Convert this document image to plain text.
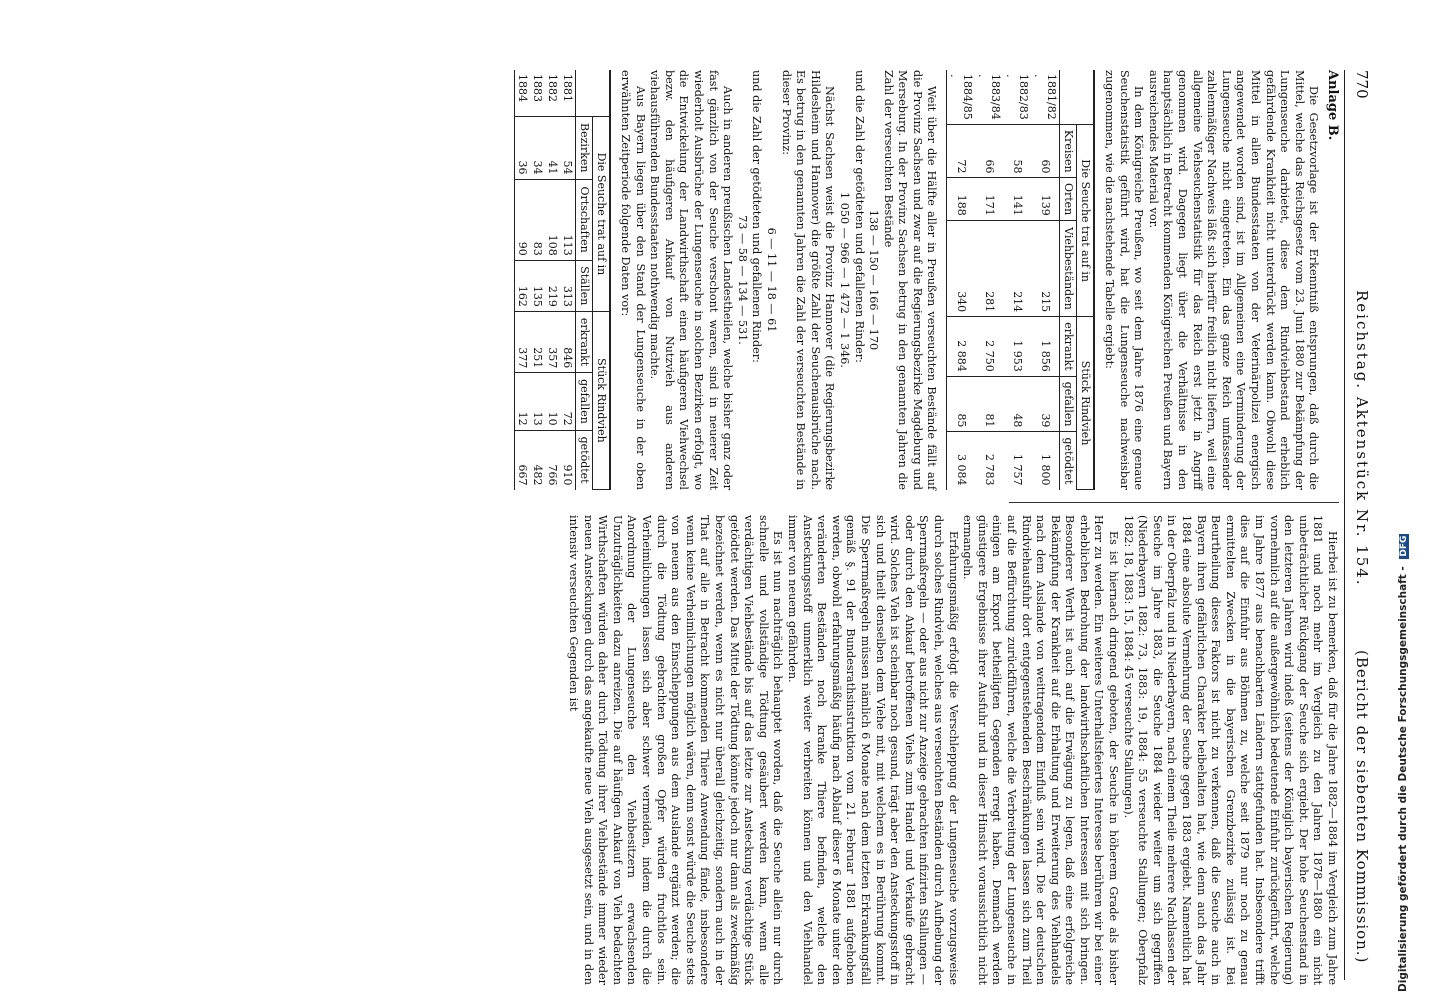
770
Reichstag. Aktenstück Nr. 154.
(Bericht der siebenten Kommission.)

Anlage B.

Die Gesetzvorlage ist der Erkenntniß entsprungen, daß durch die Mittel, welche das Reichsgesetz vom 23. Juni 1880 zur Bekämpfung der Lungenseuche darbietet, diese dem Rindviehbestand erheblich gefährdende Krankheit nicht unterdrückt werden kann. Obwohl diese Mittel in allen Bundesstaaten von der Veterinärpolizei energisch angewendet worden sind, ist im Allgemeinen eine Verminderung der Lungenseuche nicht eingetreten. Ein das ganze Reich umfassender zahlenmäßiger Nachweis läßt sich hierfür freilich nicht liefern, weil eine allgemeine Viehseuchenstatistik für das Reich erst jetzt in Angriff genommen wird. Dagegen liegt über die Verhältnisse in den hauptsächlich in Betracht kommenden Königreichen Preußen und Bayern ausreichendes Material vor.

In dem Königreiche Preußen, wo seit dem Jahre 1876 eine genaue Seuchenstatistik geführt wird, hat die Lungenseuche nachweisbar zugenommen, wie die nachstehende Tabelle ergiebt:

	Die Seuche trat auf in			Stück Rindvieh		
	Kreisen	Orten	Viehbeständen	erkrankt	gefallen	getödtet
1881/82 .	60	139	215	1 856	39	1 800
1882/83 .	58	141	214	1 953	48	1 757
1883/84 .	66	171	281	2 750	81	2 783
1884/85 .	72	188	340	2 884	85	3 084

Weit über die Hälfte aller in Preußen verseuchten Bestände fällt auf die Provinz Sachsen und zwar auf die Regierungsbezirke Magdeburg und Merseburg. In der Provinz Sachsen betrug in den genannten Jahren die Zahl der verseuchten Bestände

138 — 150 — 166 — 170

und die Zahl der getödteten und gefallenen Rinder:

1 050 — 966 — 1 472 — 1 346.

Nächst Sachsen weist die Provinz Hannover (die Regierungsbezirke Hildesheim und Hannover) die größte Zahl der Seuchenausbrüche nach. Es betrug in den genannten Jahren die Zahl der verseuchten Bestände in dieser Provinz:

6 — 11 — 18 — 61

und die Zahl der getödteten und gefallenen Rinder:

73 — 58 — 134 — 531.

Auch in anderen preußischen Landestheilen, welche bisher ganz oder fast gänzlich von der Seuche verschont waren, sind in neuerer Zeit wiederholt Ausbrüche der Lungenseuche in solchen Bezirken erfolgt, wo die Entwickelung der Landwirthschaft einen häufigeren Viehwechsel bezw. den häufigeren Ankauf von Nutzvieh aus anderen viehausführenden Bundesstaaten nothwendig machte.

Aus Bayern liegen über den Stand der Lungenseuche in der oben erwähnten Zeitperiode folgende Daten vor:

	Die Seuche trat auf in			Stück Rindvieh		
	Bezirken	Ortschaften	Ställen	erkrankt	gefallen	getödtet
1881	54	113	313	846	72	910
1882	41	108	219	357	10	766
1883	34	83	135	251	13	482
1884	36	90	162	377	12	667

Hierbei ist zu bemerken, daß für die Jahre 1882—1884 im Vergleich zum Jahre 1881 und noch mehr im Vergleich zu den Jahren 1878—1880 ein nicht unbeträchtlicher Rückgang der Seuche sich ergiebt. Der hohe Seuchenstand in den letzteren Jahren wird indeß (seitens der Königlich bayerischen Regierung) vornehmlich auf die außergewöhnlich bedeutende Einfuhr zurückgeführt, welche im Jahre 1877 aus benachbarten Ländern stattgefunden hat. Insbesondere trifft dies auf die Einfuhr aus Böhmen zu, welche seit 1879 nur noch zu genau ermittelten Zwecken in die bayerischen Grenzbezirke zulässig ist. Bei Beurtheilung dieses Faktors ist nicht zu verkennen, daß die Seuche auch in Bayern ihren gefährlichen Charakter beibehalten hat, wie denn auch das Jahr 1884 eine absolute Vermehrung der Seuche gegen 1883 ergiebt. Namentlich hat in der Oberpfalz und in Niederbayern, nach einem Theile mehrere Nachlassen der Seuche im Jahre 1883, die Seuche 1884 wieder weiter um sich gegriffen (Niederbayern 1882: 73, 1883: 19, 1884: 55 verseuchte Stallungen; Oberpfalz 1882: 18, 1883: 15, 1884: 45 verseuchte Stallungen).

Es ist hiernach dringend geboten, der Seuche in höherem Grade als bisher Herr zu werden. Ein weiteres Unterhaltsfeiertes Interesse berühren wir bei einer erheblichen Bedrohung der landwirthschaftlichen Interessen mit sich bringen. Besonderer Werth ist auch auf die Erwägung zu legen, daß eine erfolgreiche Bekämpfung der Krankheit auf die Erhaltung und Erweiterung des Viehhandels nach dem Auslande von weittragendem Einfluß sein wird. Die der deutschen Rindviehausfuhr dort entgegenstehenden Beschränkungen lassen sich zum Theil auf die Befürchtung zurückführen, welche die Verbreitung der Lungenseuche in einigen am Export betheiligten Gegenden erregt haben. Demnach werden günstigere Ergebnisse ihrer Ausfuhr und in dieser Hinsicht voraussichtlich nicht ermangeln.

Erfahrungsmäßig erfolgt die Verschleppung der Lungenseuche vorzugsweise durch solches Rindvieh, welches aus verseuchten Beständen durch Aufhebung der Sperrmaßregeln — oder aus nicht zur Anzeige gebrachten infizirten Stallungen — oder durch den Ankauf betroffenen Viehs zum Handel und Verkaufe gebracht wird. Solches Vieh ist scheinbar noch gesund, trägt aber den Ansteckungsstoff in sich und theilt denselben dem Viehe mit, mit welchem es in Berührung kommt. Die Sperrmaßregeln müssen nämlich 6 Monate nach dem letzten Erkrankungsfall gemäß §. 91 der Bundesrathsinstruktion vom 21. Februar 1881 aufgehoben werden, obwohl erfahrungsmäßig häufig nach Ablauf dieser 6 Monate unter den veränderten Beständen noch kranke Thiere befinden, welche den Ansteckungsstoff unmerklich weiter verbreiten können und den Viehhandel immer von neuem gefährden.

Es ist nun nachträglich behauptet worden, daß die Seuche allein nur durch schnelle und vollständige Tödtung gesäubert werden kann, wenn alle verdächtigen Viehbestände bis auf das letzte zur Ansteckung verdächtige Stück getödtet werden. Das Mittel der Tödtung könnte jedoch nur dann als zweckmäßig bezeichnet werden, wenn es nicht nur überall gleichzeitig, sondern auch in der That auf alle in Betracht kommenden Thiere Anwendung fände, insbesondere wenn keine Verheimlichungen möglich wären, denn sonst würde die Seuche stets von neuem aus den Einschleppungen aus dem Auslande ergänzt werden; die durch die Tödtung gebrachten großen Opfer würden fruchtlos sein. Verheimlichungen lassen sich aber schwer vermeiden, indem die durch die Anordnung der Lungenseuche den Viehbesitzern erwachsenden Unzuträglichkeiten dazu anreizen. Die auf häufigen Ankauf von Vieh bedachten Wirthschaften würden daher durch Tödtung ihrer Viehbestände immer wieder neuen Ansteckungen durch das angekaufte neue Vieh ausgesetzt sein, und in den intensiv verseuchten Gegenden ist	Digitalisierung gefördert durch die Deutsche Forschungsgemeinschaft - DFG
